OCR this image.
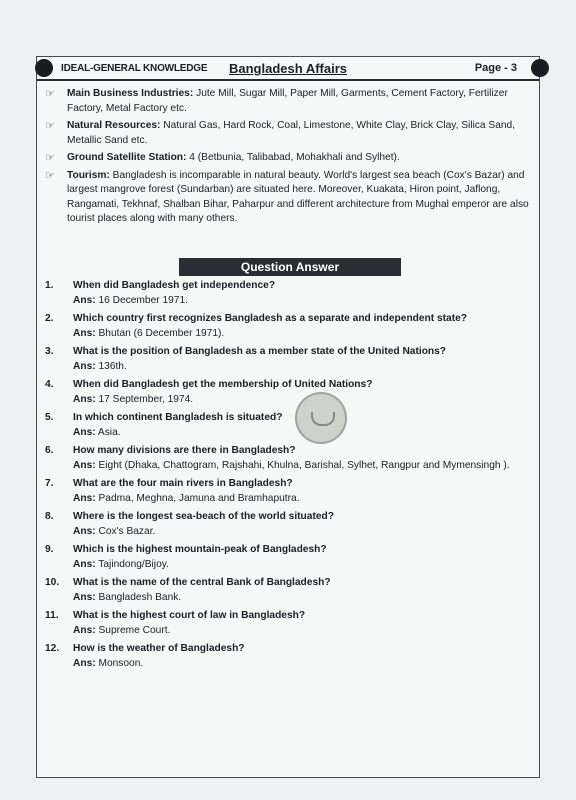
IDEAL-GENERAL KNOWLEDGE	Bangladesh Affairs	Page - 3
☞ Main Business Industries: Jute Mill, Sugar Mill, Paper Mill, Garments, Cement Factory, Fertilizer Factory, Metal Factory etc.
☞ Natural Resources: Natural Gas, Hard Rock, Coal, Limestone, White Clay, Brick Clay, Silica Sand, Metallic Sand etc.
☞ Ground Satellite Station: 4 (Betbunia, Talibabad, Mohakhali and Sylhet).
☞ Tourism: Bangladesh is incomparable in natural beauty. World's largest sea beach (Cox's Bazar) and largest mangrove forest (Sundarban) are situated here. Moreover, Kuakata, Hiron point, Jaflong, Rangamati, Tekhnaf, Shalban Bihar, Paharpur and different architecture from Mughal emperor are also tourist places along with many others.
Question Answer
1. When did Bangladesh get independence?
Ans: 16 December 1971.
2. Which country first recognizes Bangladesh as a separate and independent state?
Ans: Bhutan (6 December 1971).
3. What is the position of Bangladesh as a member state of the United Nations?
Ans: 136th.
4. When did Bangladesh get the membership of United Nations?
Ans: 17 September, 1974.
5. In which continent Bangladesh is situated?
Ans: Asia.
6. How many divisions are there in Bangladesh?
Ans: Eight (Dhaka, Chattogram, Rajshahi, Khulna, Barishal, Sylhet, Rangpur and Mymensingh ).
7. What are the four main rivers in Bangladesh?
Ans: Padma, Meghna, Jamuna and Bramhaputra.
8. Where is the longest sea-beach of the world situated?
Ans: Cox's Bazar.
9. Which is the highest mountain-peak of Bangladesh?
Ans: Tajindong/Bijoy.
10. What is the name of the central Bank of Bangladesh?
Ans: Bangladesh Bank.
11. What is the highest court of law in Bangladesh?
Ans: Supreme Court.
12. How is the weather of Bangladesh?
Ans: Monsoon.
